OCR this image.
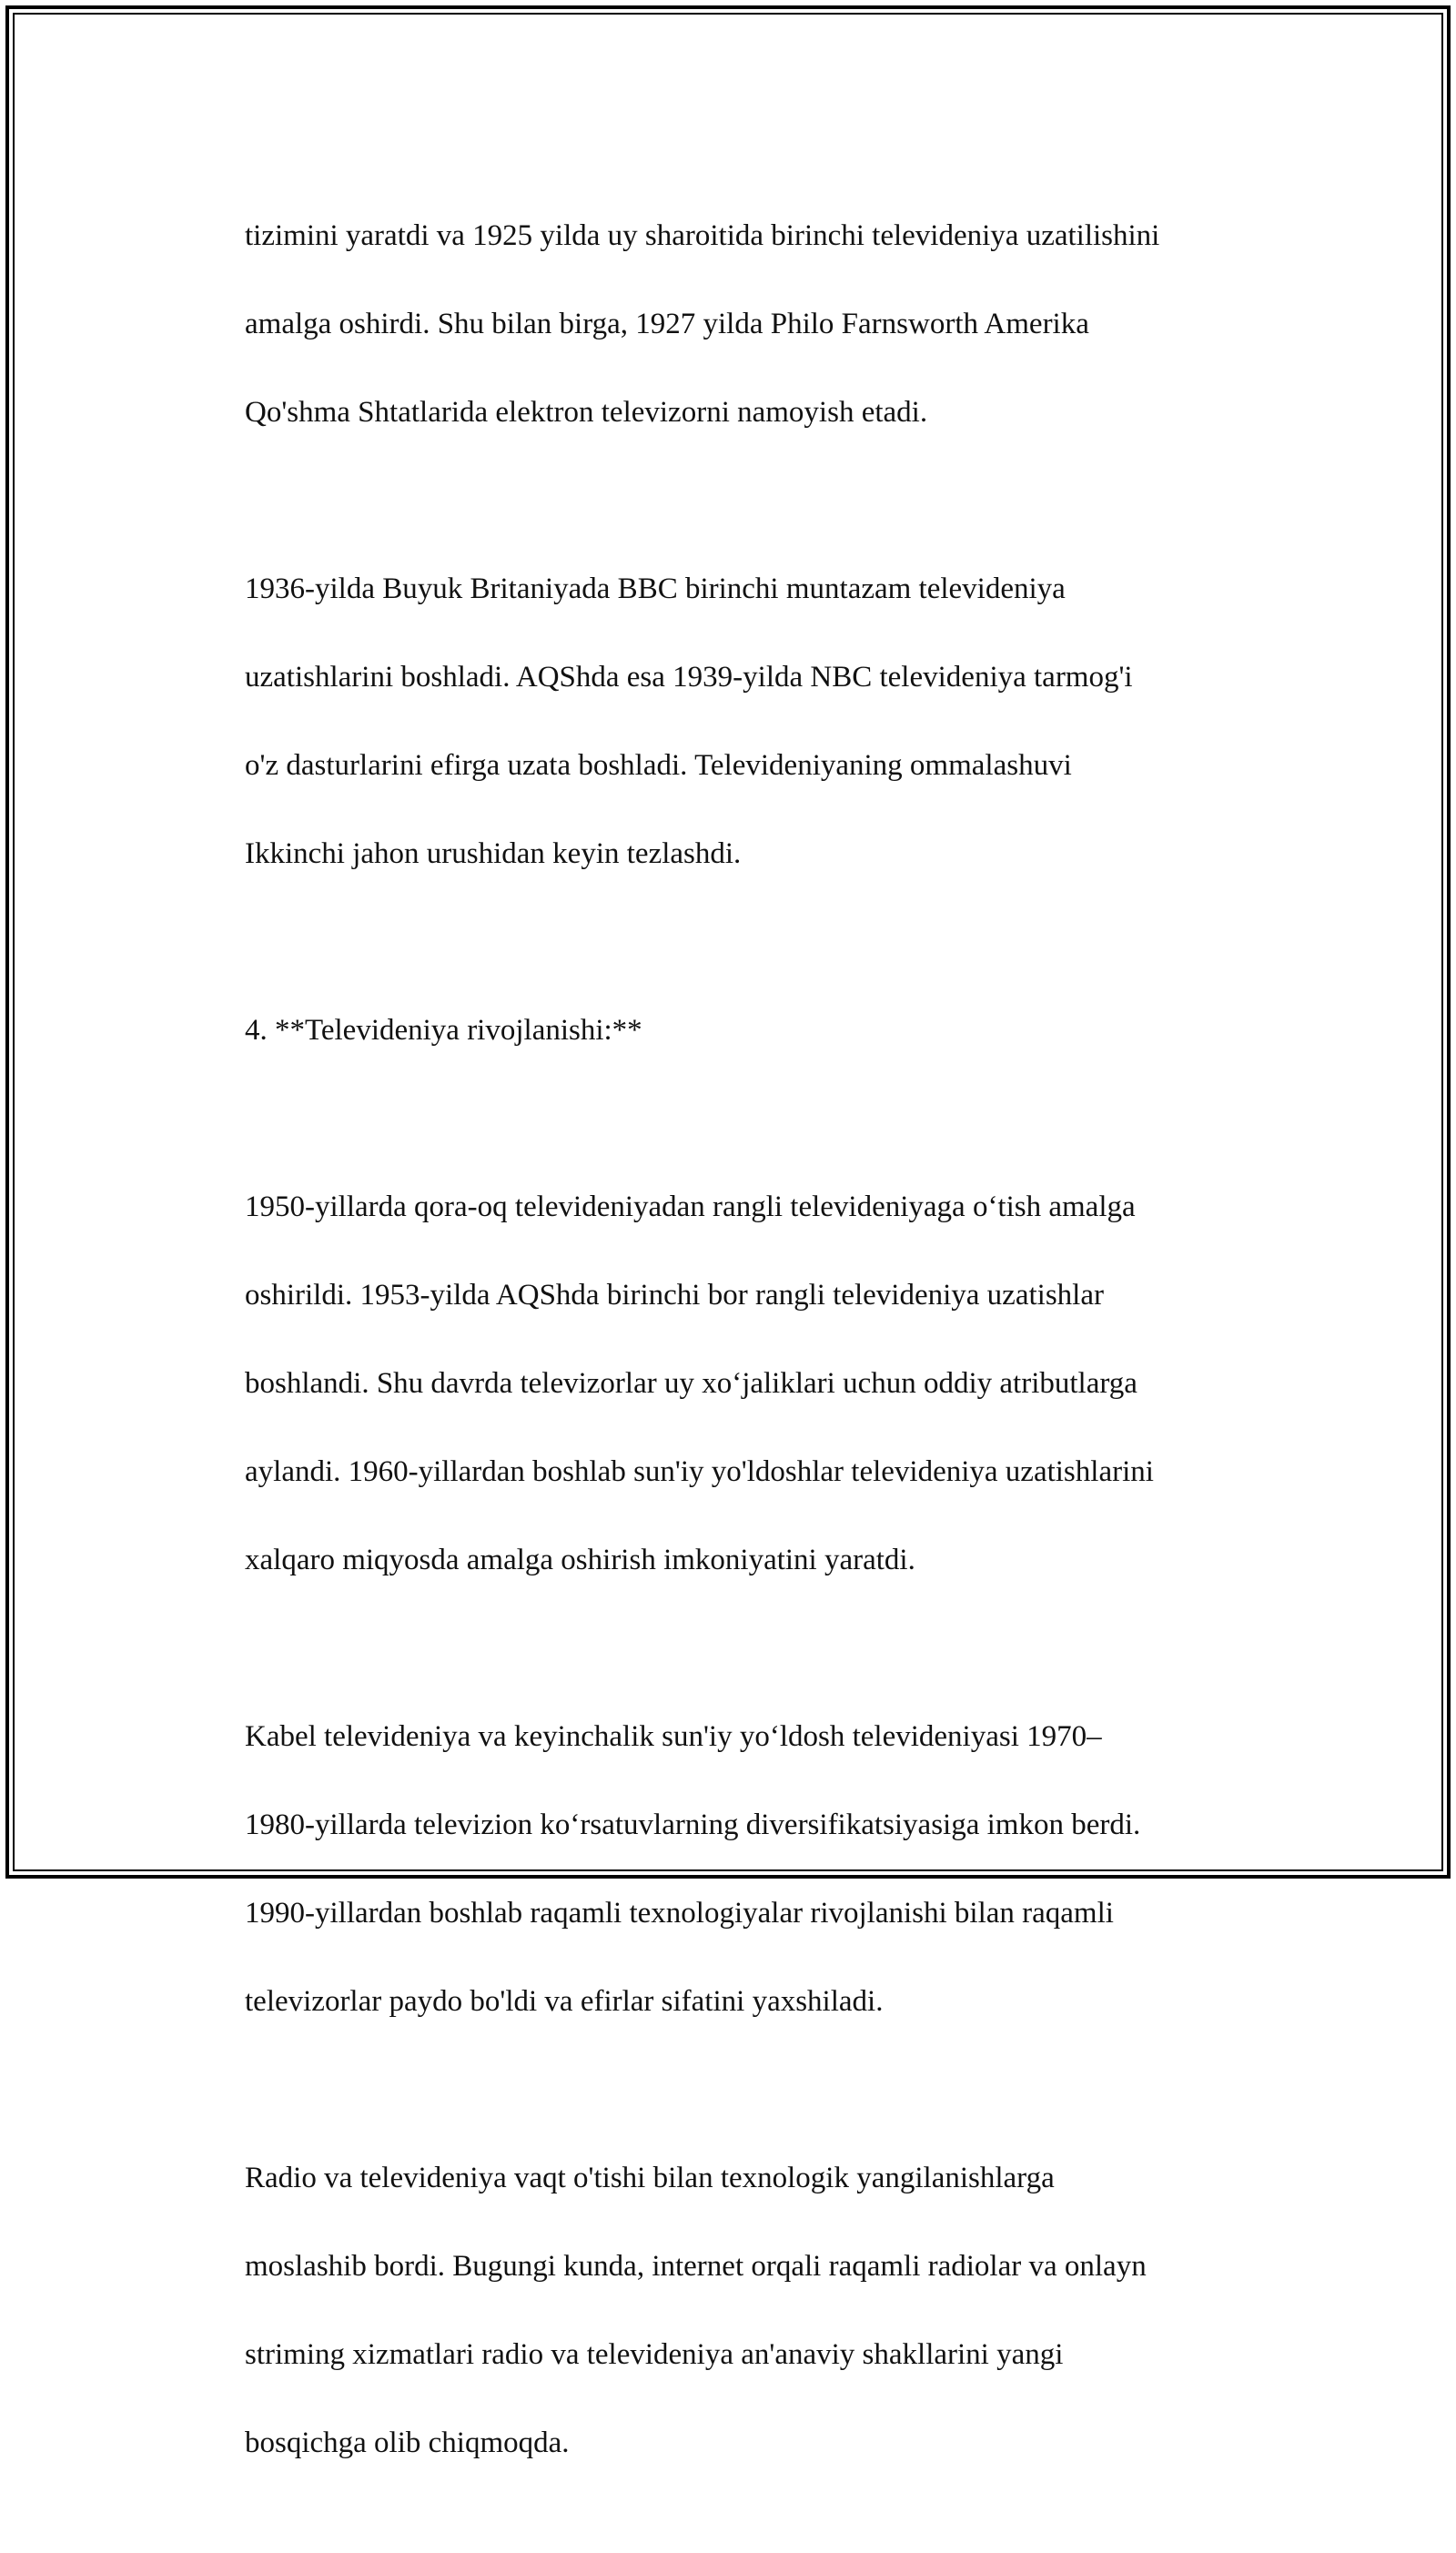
tizimini yaratdi va 1925 yilda uy sharoitida birinchi televideniya uzatilishini

amalga oshirdi. Shu bilan birga, 1927 yilda Philo Farnsworth Amerika

Qo'shma Shtatlarida elektron televizorni namoyish etadi.

1936-yilda Buyuk Britaniyada BBC birinchi muntazam televideniya

uzatishlarini boshladi. AQShda esa 1939-yilda NBC televideniya tarmog'i

o'z dasturlarini efirga uzata boshladi. Televideniyaning ommalashuvi

Ikkinchi jahon urushidan keyin tezlashdi.

4. **Televideniya rivojlanishi:**

1950-yillarda qora-oq televideniyadan rangli televideniyaga o‘tish amalga

oshirildi. 1953-yilda AQShda birinchi bor rangli televideniya uzatishlar

boshlandi. Shu davrda televizorlar uy xo‘jaliklari uchun oddiy atributlarga

aylandi. 1960-yillardan boshlab sun'iy yo'ldoshlar televideniya uzatishlarini

xalqaro miqyosda amalga oshirish imkoniyatini yaratdi.

Kabel televideniya va keyinchalik sun'iy yo‘ldosh televideniyasi 1970–

1980-yillarda televizion ko‘rsatuvlarning diversifikatsiyasiga imkon berdi.

1990-yillardan boshlab raqamli texnologiyalar rivojlanishi bilan raqamli

televizorlar paydo bo'ldi va efirlar sifatini yaxshiladi.

Radio va televideniya vaqt o'tishi bilan texnologik yangilanishlarga

moslashib bordi. Bugungi kunda, internet orqali raqamli radiolar va onlayn

striming xizmatlari radio va televideniya an'anaviy shakllarini yangi

bosqichga olib chiqmoqda.
